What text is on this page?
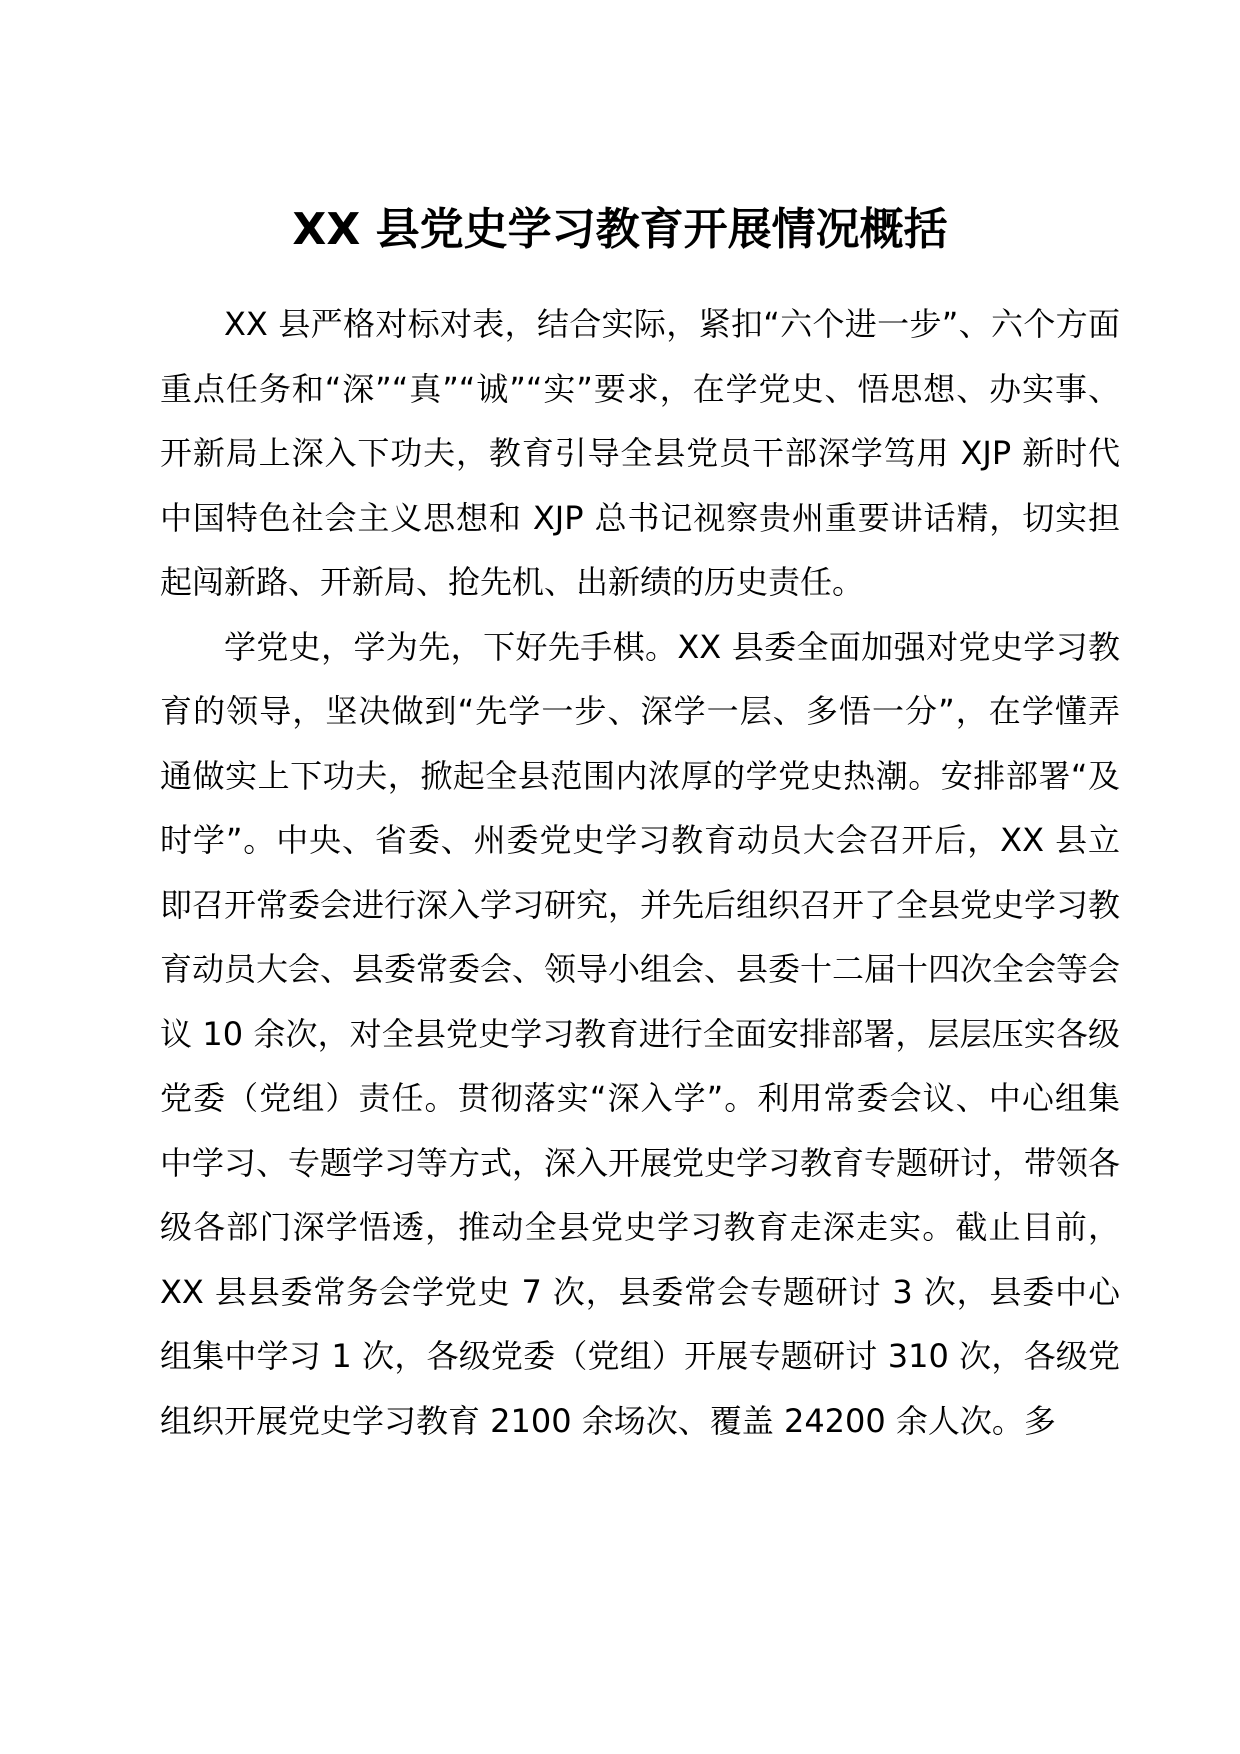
XX 县党史学习教育开展情况概括

XX 县严格对标对表，结合实际，紧扣“六个进一步”、六个方面重点任务和“深”“真”“诚”“实”要求，在学党史、悟思想、办实事、开新局上深入下功夫，教育引导全县党员干部深学笃用 XJP 新时代中国特色社会主义思想和 XJP 总书记视察贵州重要讲话精，切实担起闯新路、开新局、抢先机、出新绩的历史责任。

学党史，学为先，下好先手棋。XX 县委全面加强对党史学习教育的领导，坚决做到“先学一步、深学一层、多悟一分”，在学懂弄通做实上下功夫，掀起全县范围内浓厚的学党史热潮。安排部署“及时学”。中央、省委、州委党史学习教育动员大会召开后，XX 县立即召开常委会进行深入学习研究，并先后组织召开了全县党史学习教育动员大会、县委常委会、领导小组会、县委十二届十四次全会等会议 10 余次，对全县党史学习教育进行全面安排部署，层层压实各级党委（党组）责任。贯彻落实“深入学”。利用常委会议、中心组集中学习、专题学习等方式，深入开展党史学习教育专题研讨，带领各级各部门深学悟透，推动全县党史学习教育走深走实。截止目前，XX 县县委常务会学党史 7 次，县委常会专题研讨 3 次，县委中心组集中学习 1 次，各级党委（党组）开展专题研讨 310 次，各级党组织开展党史学习教育 2100 余场次、覆盖 24200 余人次。多
